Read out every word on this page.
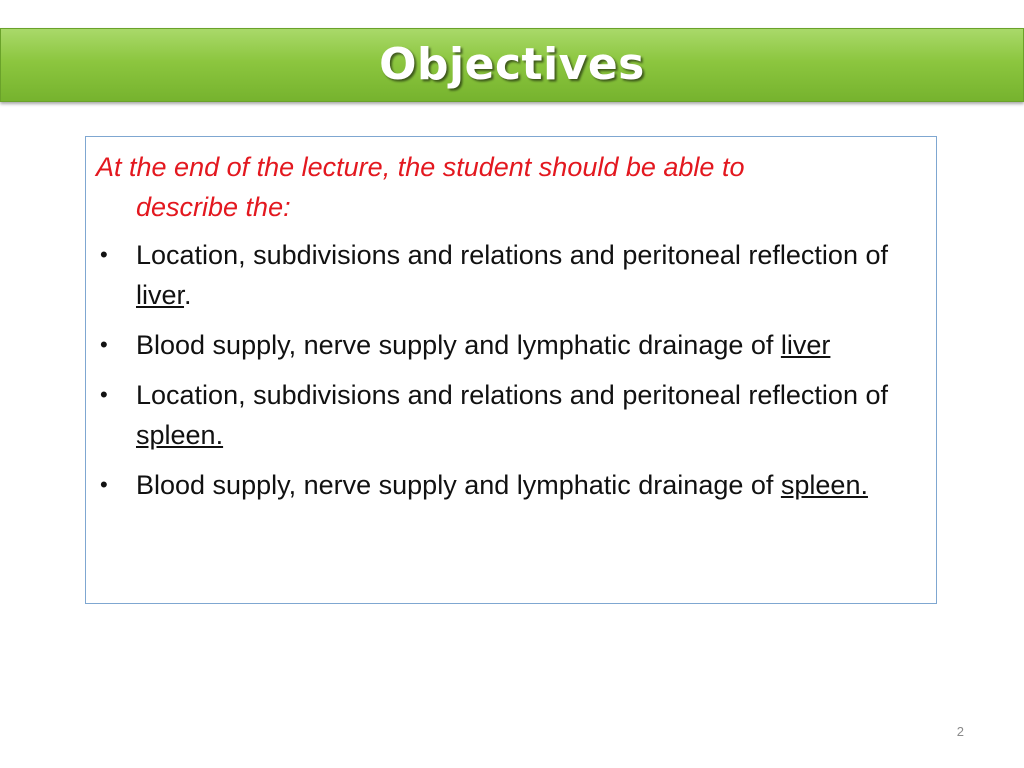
Objectives

At the end of the lecture, the student should be able to
describe the:

• Location, subdivisions and relations and peritoneal reflection of liver.
• Blood supply, nerve supply and lymphatic drainage of liver
• Location, subdivisions and relations and peritoneal reflection of spleen.
• Blood supply, nerve supply and lymphatic drainage of spleen.
2
